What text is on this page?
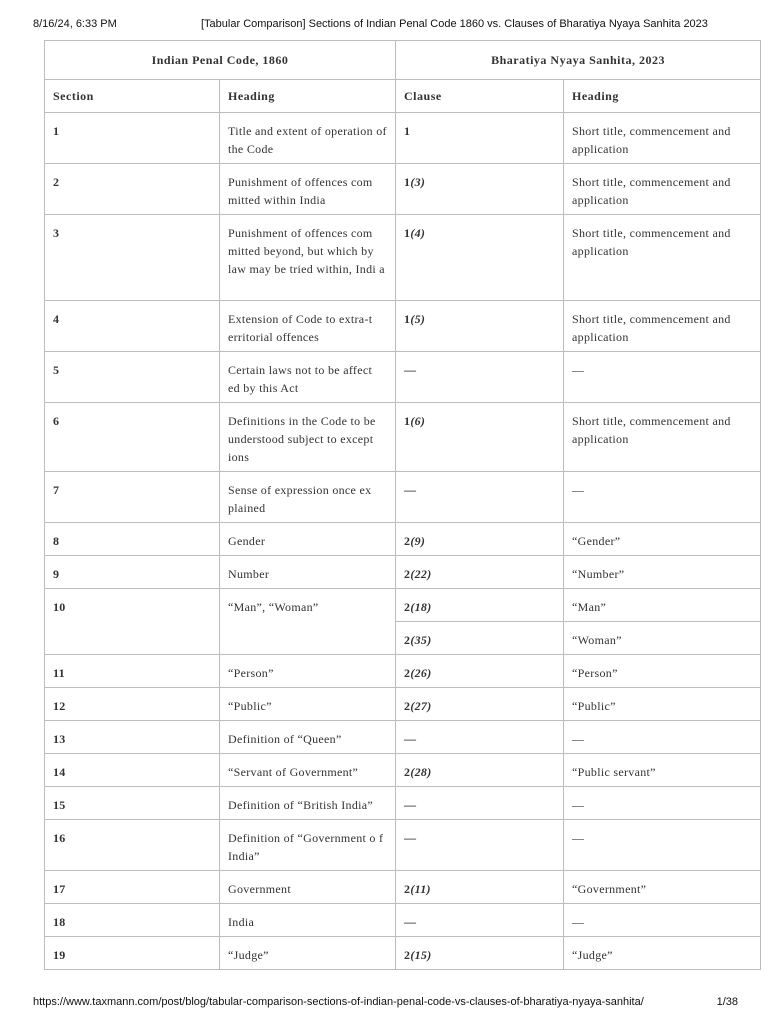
8/16/24, 6:33 PM	[Tabular Comparison] Sections of Indian Penal Code 1860 vs. Clauses of Bharatiya Nyaya Sanhita 2023
Indian Penal Code, 1860		Bharatiya Nyaya Sanhita, 2023	
Section	Heading	Clause	Heading
1	Title and extent of operation of the Code	1	Short title, commencement and application
2	Punishment of offences com mitted within India	1(3)	Short title, commencement and application
3	Punishment of offences com mitted beyond, but which by law may be tried within, Indi a	1(4)	Short title, commencement and application
4	Extension of Code to extra-t erritorial offences	1(5)	Short title, commencement and application
5	Certain laws not to be affect ed by this Act	—	—
6	Definitions in the Code to be understood subject to except ions	1(6)	Short title, commencement and application
7	Sense of expression once ex plained	—	—
8	Gender	2(9)	“Gender”
9	Number	2(22)	“Number”
10	“Man”, “Woman”	2(18)	“Man”
		2(35)	“Woman”
11	“Person”	2(26)	“Person”
12	“Public”	2(27)	“Public”
13	Definition of “Queen”	—	—
14	“Servant of Government”	2(28)	“Public servant”
15	Definition of “British India”	—	—
16	Definition of “Government o f India”	—	—
17	Government	2(11)	“Government”
18	India	—	—
19	“Judge”	2(15)	“Judge”
https://www.taxmann.com/post/blog/tabular-comparison-sections-of-indian-penal-code-vs-clauses-of-bharatiya-nyaya-sanhita/	1/38
